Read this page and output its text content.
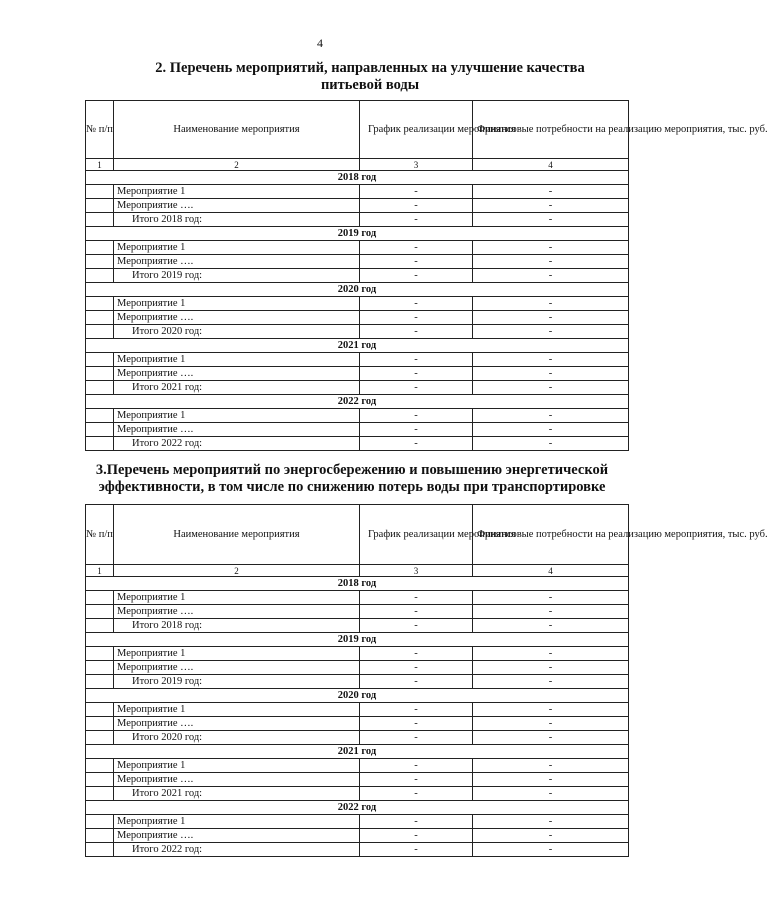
4
2. Перечень мероприятий, направленных на улучшение качества
питьевой воды
№ п/п	Наименование мероприятия	График реализации мероприятия	Финансовые потребности на реализацию мероприятия, тыс. руб.
1	2	3	4
2018 год			
	Мероприятие 1	-	-
	Мероприятие ….	-	-
	Итого 2018 год:	-	-
2019 год			
	Мероприятие 1	-	-
	Мероприятие ….	-	-
	Итого 2019 год:	-	-
2020 год			
	Мероприятие 1	-	-
	Мероприятие ….	-	-
	Итого 2020 год:	-	-
2021 год			
	Мероприятие 1	-	-
	Мероприятие ….	-	-
	Итого 2021 год:	-	-
2022 год			
	Мероприятие 1	-	-
	Мероприятие ….	-	-
	Итого 2022 год:	-	-
3.Перечень мероприятий по энергосбережению и повышению энергетической
эффективности, в том числе по снижению потерь воды при транспортировке
№ п/п	Наименование мероприятия	График реализации мероприятия	Финансовые потребности на реализацию мероприятия, тыс. руб.
1	2	3	4
2018 год			
	Мероприятие 1	-	-
	Мероприятие ….	-	-
	Итого 2018 год:	-	-
2019 год			
	Мероприятие 1	-	-
	Мероприятие ….	-	-
	Итого 2019 год:	-	-
2020 год			
	Мероприятие 1	-	-
	Мероприятие ….	-	-
	Итого 2020 год:	-	-
2021 год			
	Мероприятие 1	-	-
	Мероприятие ….	-	-
	Итого 2021 год:	-	-
2022 год			
	Мероприятие 1	-	-
	Мероприятие ….	-	-
	Итого 2022 год:	-	-
